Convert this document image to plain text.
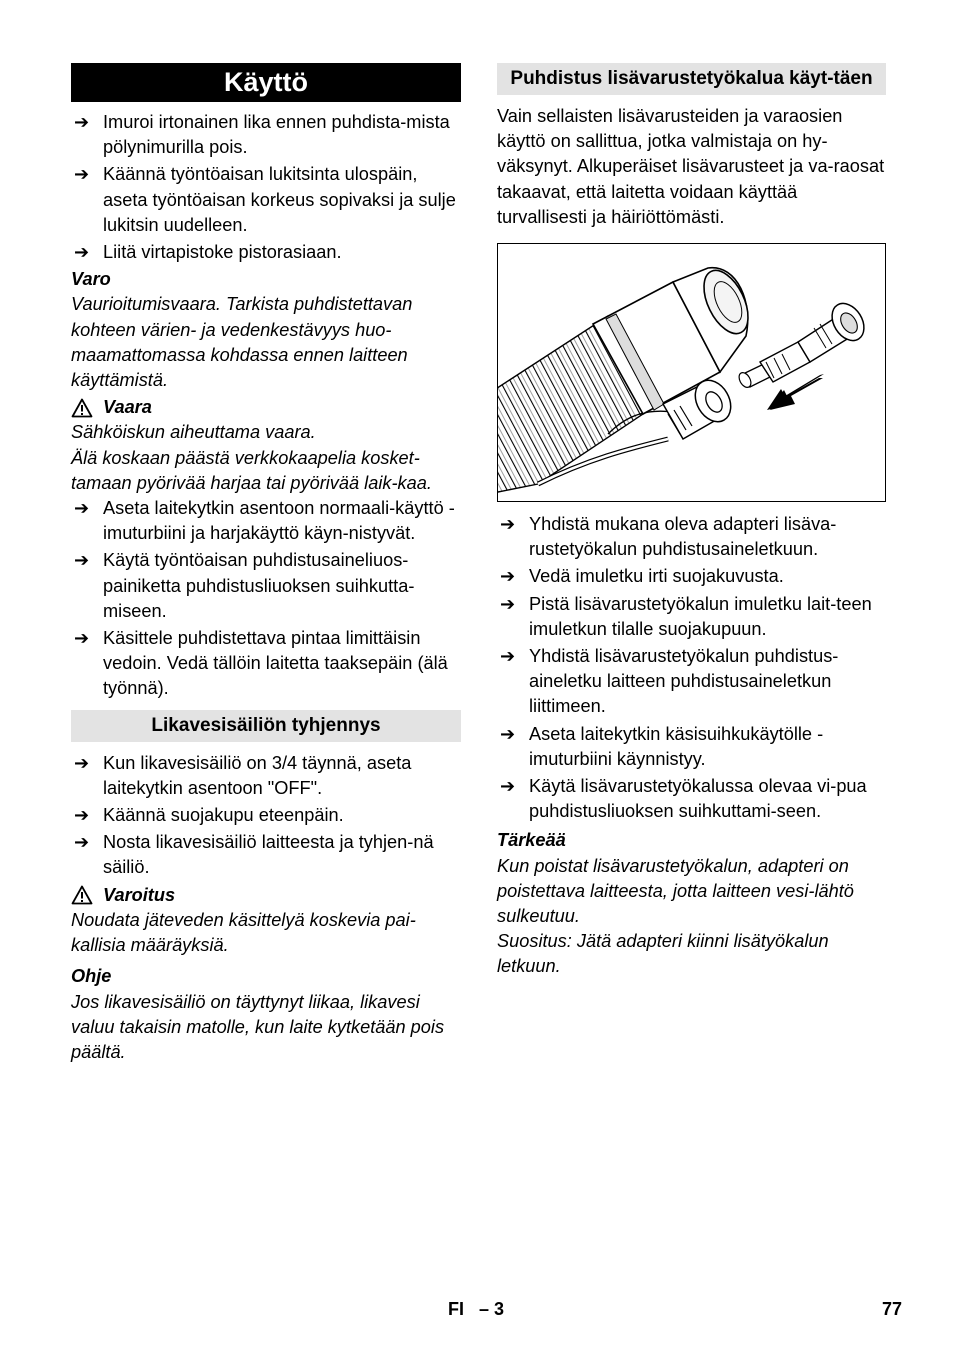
Käyttö
➔ Imuroi irtonainen lika ennen puhdista-mista pölynimurilla pois.
➔ Käännä työntöaisan lukitsinta ulospäin, aseta työntöaisan korkeus sopivaksi ja sulje lukitsin uudelleen.
➔ Liitä virtapistoke pistorasiaan.
Varo
Vaurioitumisvaara. Tarkista puhdistettavan kohteen värien- ja vedenkestävyys huo-maamattomassa kohdassa ennen laitteen käyttämistä.
Vaara
Sähköiskun aiheuttama vaara.
Älä koskaan päästä verkkokaapelia kosket-tamaan pyörivää harjaa tai pyörivää laik-kaa.
➔ Aseta laitekytkin asentoon normaali-käyttö - imuturbiini ja harjakäyttö käyn-nistyvät.
➔ Käytä työntöaisan puhdistusaineliuos-painiketta puhdistusliuoksen suihkutta-miseen.
➔ Käsittele puhdistettava pintaa limittäisin vedoin. Vedä tällöin laitetta taaksepäin (älä työnnä).
Likavesisäiliön tyhjennys
➔ Kun likavesisäiliö on 3/4 täynnä, aseta laitekytkin asentoon "OFF".
➔ Käännä suojakupu eteenpäin.
➔ Nosta likavesisäiliö laitteesta ja tyhjen-nä säiliö.
Varoitus
Noudata jäteveden käsittelyä koskevia pai-kallisia määräyksiä.
Ohje
Jos likavesisäiliö on täyttynyt liikaa, likavesi valuu takaisin matolle, kun laite kytketään pois päältä.
Puhdistus lisävarustetyökalua käyt-täen
Vain sellaisten lisävarusteiden ja varaosien käyttö on sallittua, jotka valmistaja on hy-väksynyt. Alkuperäiset lisävarusteet ja va-raosat takaavat, että laitetta voidaan käyttää turvallisesti ja häiriöttömästi.
➔ Yhdistä mukana oleva adapteri lisäva-rustetyökalun puhdistusaineletkuun.
➔ Vedä imuletku irti suojakuvusta.
➔ Pistä lisävarustetyökalun imuletku lait-teen imuletkun tilalle suojakupuun.
➔ Yhdistä lisävarustetyökalun puhdistus-aineletku laitteen puhdistusaineletkun liittimeen.
➔ Aseta laitekytkin käsisuihkukäytölle - imuturbiini käynnistyy.
➔ Käytä lisävarustetyökalussa olevaa vi-pua puhdistusliuoksen suihkuttami-seen.
Tärkeää
Kun poistat lisävarustetyökalun, adapteri on poistettava laitteesta, jotta laitteen vesi-lähtö sulkeutuu.
Suositus: Jätä adapteri kiinni lisätyökalun letkuun.
FI   – 3	77
